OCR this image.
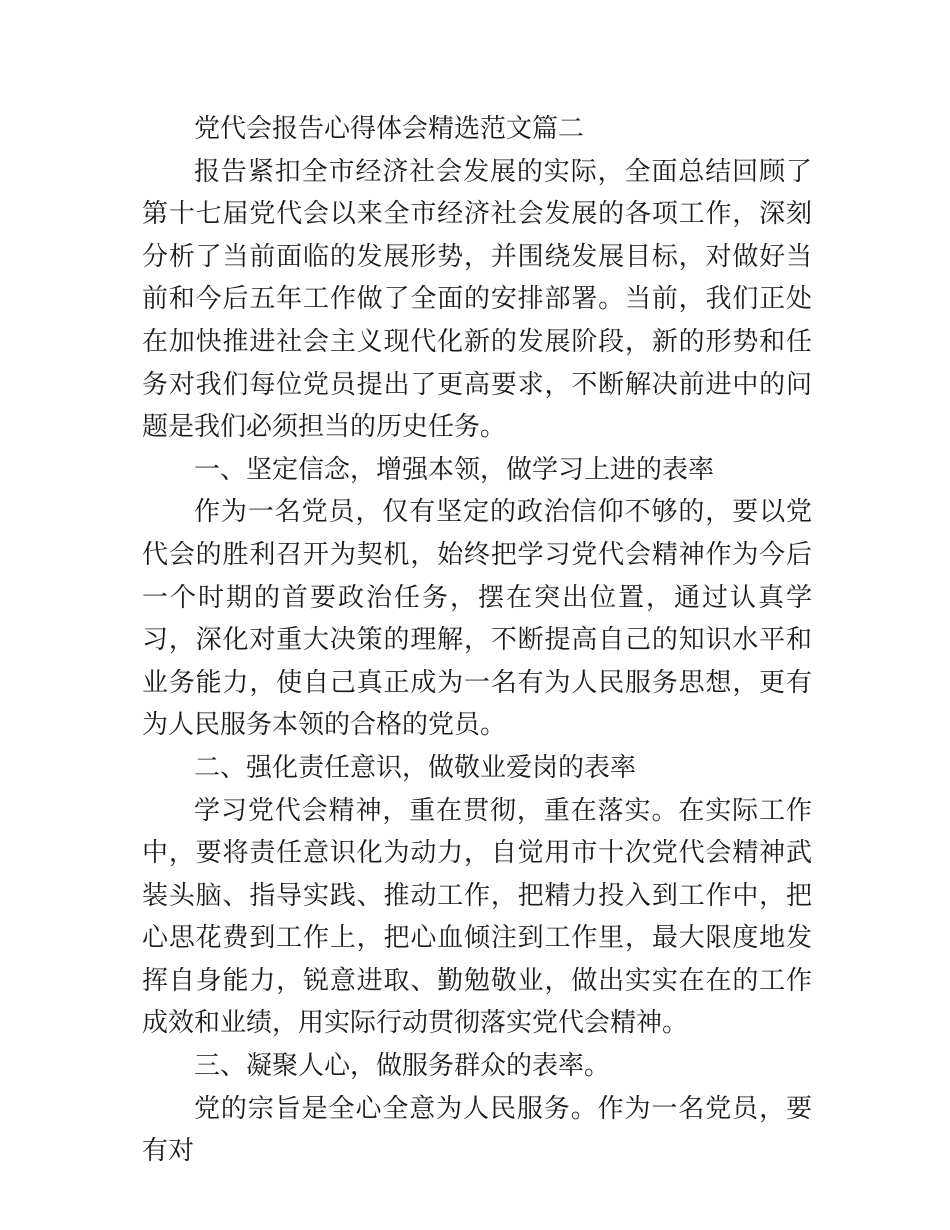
党代会报告心得体会精选范文篇二

报告紧扣全市经济社会发展的实际，全面总结回顾了第十七届党代会以来全市经济社会发展的各项工作，深刻分析了当前面临的发展形势，并围绕发展目标，对做好当前和今后五年工作做了全面的安排部署。当前，我们正处在加快推进社会主义现代化新的发展阶段，新的形势和任务对我们每位党员提出了更高要求，不断解决前进中的问题是我们必须担当的历史任务。

一、坚定信念，增强本领，做学习上进的表率

作为一名党员，仅有坚定的政治信仰不够的，要以党代会的胜利召开为契机，始终把学习党代会精神作为今后一个时期的首要政治任务，摆在突出位置，通过认真学习，深化对重大决策的理解，不断提高自己的知识水平和业务能力，使自己真正成为一名有为人民服务思想，更有为人民服务本领的合格的党员。

二、强化责任意识，做敬业爱岗的表率

学习党代会精神，重在贯彻，重在落实。在实际工作中，要将责任意识化为动力，自觉用市十次党代会精神武装头脑、指导实践、推动工作，把精力投入到工作中，把心思花费到工作上，把心血倾注到工作里，最大限度地发挥自身能力，锐意进取、勤勉敬业，做出实实在在的工作成效和业绩，用实际行动贯彻落实党代会精神。

三、凝聚人心，做服务群众的表率。

党的宗旨是全心全意为人民服务。作为一名党员，要有对
